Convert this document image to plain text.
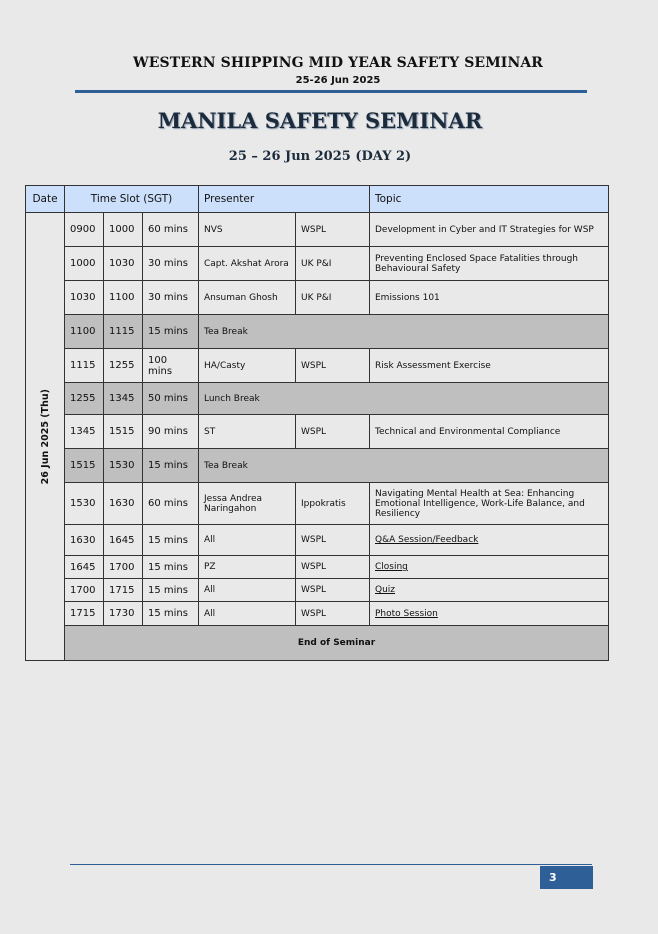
WESTERN SHIPPING MID YEAR SAFETY SEMINAR
25-26 Jun 2025
MANILA SAFETY SEMINAR
25 – 26 Jun 2025 (DAY 2)
Date	Time Slot (SGT)			Presenter		Topic

26 Jun 2025 (Thu)	0900	1000	60 mins	NVS	WSPL	Development in Cyber and IT Strategies for WSP
	1000	1030	30 mins	Capt. Akshat Arora	UK P&I	Preventing Enclosed Space Fatalities through Behavioural Safety
	1030	1100	30 mins	Ansuman Ghosh	UK P&I	Emissions 101
	1100	1115	15 mins	Tea Break		
	1115	1255	100 mins	HA/Casty	WSPL	Risk Assessment Exercise
	1255	1345	50 mins	Lunch Break		
	1345	1515	90 mins	ST	WSPL	Technical and Environmental Compliance
	1515	1530	15 mins	Tea Break		
	1530	1630	60 mins	Jessa Andrea Naringahon	Ippokratis	Navigating Mental Health at Sea: Enhancing Emotional Intelligence, Work-Life Balance, and Resiliency
	1630	1645	15 mins	All	WSPL	Q&A Session/Feedback
	1645	1700	15 mins	PZ	WSPL	Closing
	1700	1715	15 mins	All	WSPL	Quiz
	1715	1730	15 mins	All	WSPL	Photo Session
	End of Seminar					
3
